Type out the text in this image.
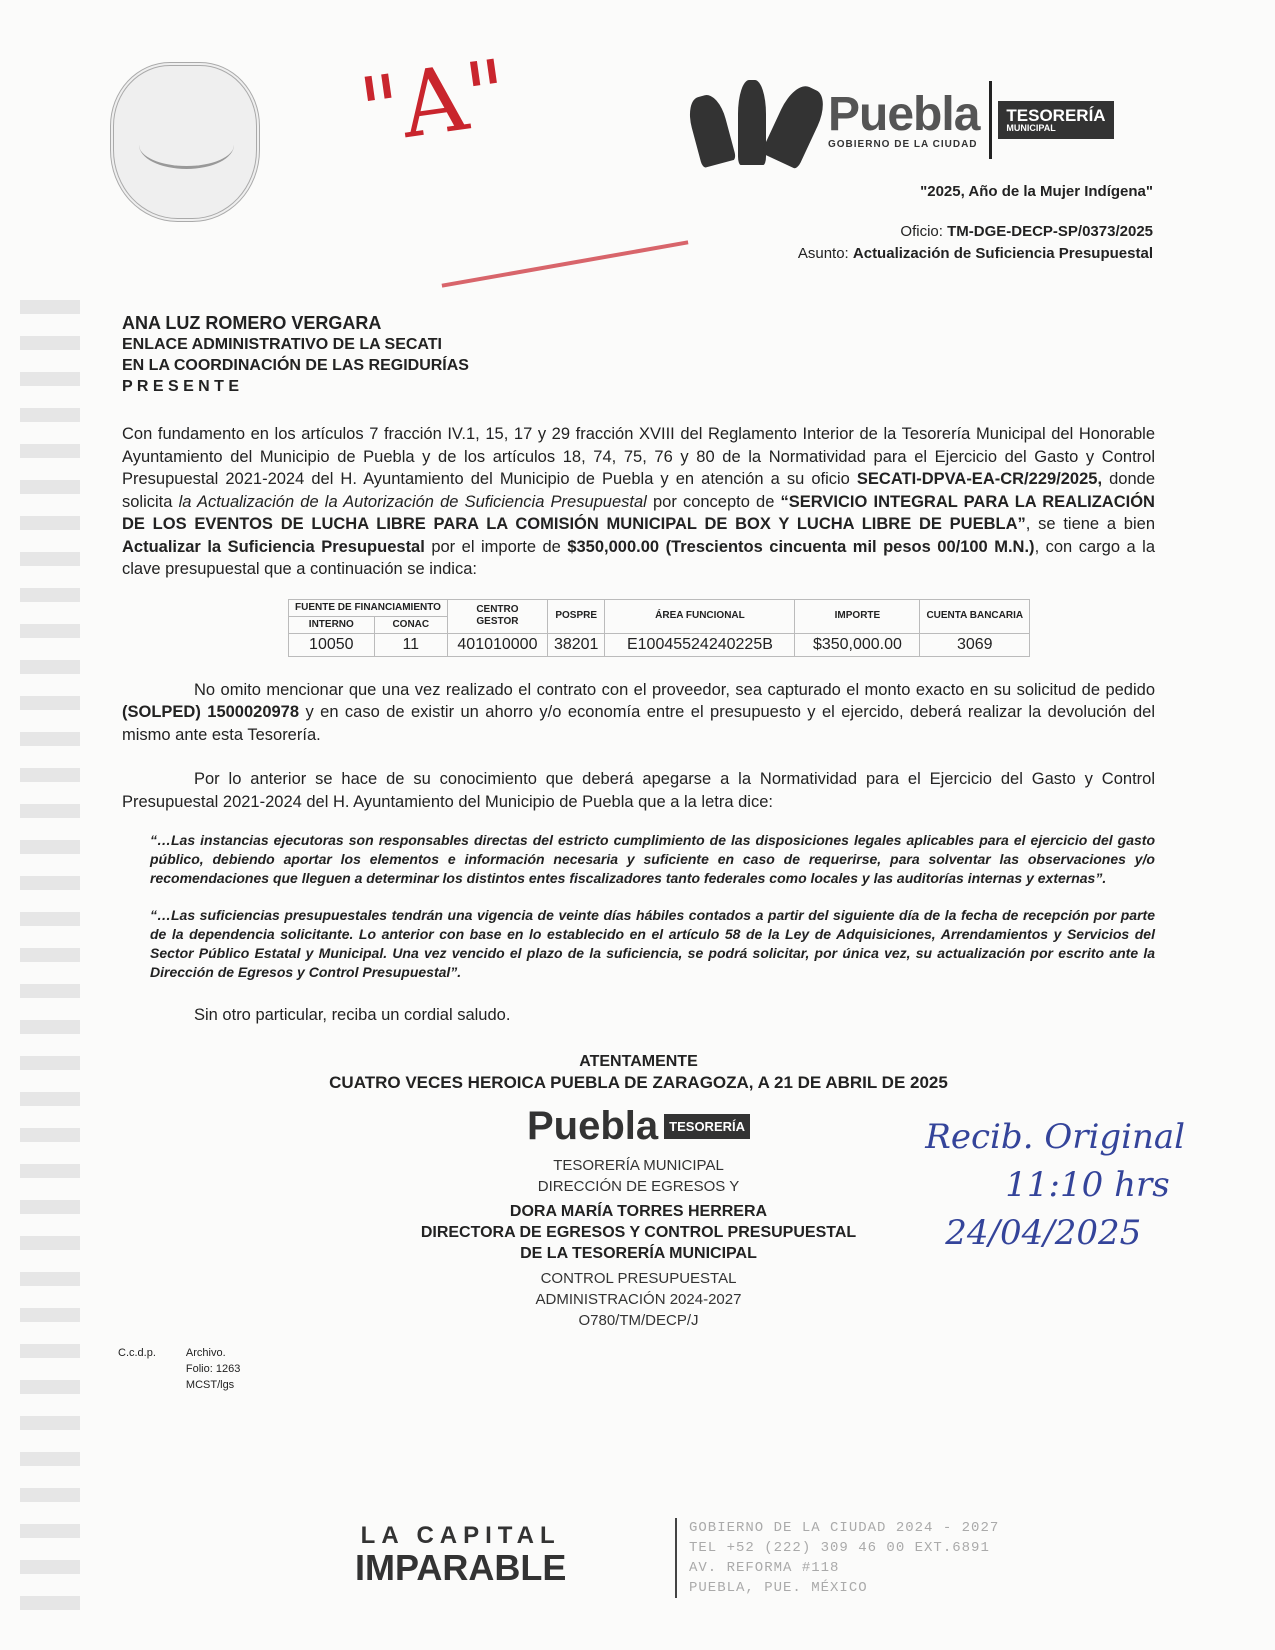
"A"	Puebla
GOBIERNO DE LA CIUDAD
TESORERÍA
MUNICIPAL
"2025, Año de la Mujer Indígena"
Oficio: TM-DGE-DECP-SP/0373/2025
Asunto: Actualización de Suficiencia Presupuestal
ANA LUZ ROMERO VERGARA
ENLACE ADMINISTRATIVO DE LA SECATI
EN LA COORDINACIÓN DE LAS REGIDURÍAS
P R E S E N T E
Con fundamento en los artículos 7 fracción IV.1, 15, 17 y 29 fracción XVIII del Reglamento Interior de la Tesorería Municipal del Honorable Ayuntamiento del Municipio de Puebla y de los artículos 18, 74, 75, 76 y 80 de la Normatividad para el Ejercicio del Gasto y Control Presupuestal 2021-2024 del H. Ayuntamiento del Municipio de Puebla y en atención a su oficio SECATI-DPVA-EA-CR/229/2025, donde solicita la Actualización de la Autorización de Suficiencia Presupuestal por concepto de “SERVICIO INTEGRAL PARA LA REALIZACIÓN DE LOS EVENTOS DE LUCHA LIBRE PARA LA COMISIÓN MUNICIPAL DE BOX Y LUCHA LIBRE DE PUEBLA”, se tiene a bien Actualizar la Suficiencia Presupuestal por el importe de $350,000.00 (Trescientos cincuenta mil pesos 00/100 M.N.), con cargo a la clave presupuestal que a continuación se indica:
FUENTE DE FINANCIAMIENTO		CENTRO GESTOR	POSPRE	ÁREA FUNCIONAL	IMPORTE	CUENTA BANCARIA
INTERNO	CONAC					
10050	11	401010000	38201	E10045524240225B	$350,000.00	3069
No omito mencionar que una vez realizado el contrato con el proveedor, sea capturado el monto exacto en su solicitud de pedido (SOLPED) 1500020978 y en caso de existir un ahorro y/o economía entre el presupuesto y el ejercido, deberá realizar la devolución del mismo ante esta Tesorería.
Por lo anterior se hace de su conocimiento que deberá apegarse a la Normatividad para el Ejercicio del Gasto y Control Presupuestal 2021-2024 del H. Ayuntamiento del Municipio de Puebla que a la letra dice:
“…Las instancias ejecutoras son responsables directas del estricto cumplimiento de las disposiciones legales aplicables para el ejercicio del gasto público, debiendo aportar los elementos e información necesaria y suficiente en caso de requerirse, para solventar las observaciones y/o recomendaciones que lleguen a determinar los distintos entes fiscalizadores tanto federales como locales y las auditorías internas y externas”.
“…Las suficiencias presupuestales tendrán una vigencia de veinte días hábiles contados a partir del siguiente día de la fecha de recepción por parte de la dependencia solicitante. Lo anterior con base en lo establecido en el artículo 58 de la Ley de Adquisiciones, Arrendamientos y Servicios del Sector Público Estatal y Municipal. Una vez vencido el plazo de la suficiencia, se podrá solicitar, por única vez, su actualización por escrito ante la Dirección de Egresos y Control Presupuestal”.
Sin otro particular, reciba un cordial saludo.
ATENTAMENTE
CUATRO VECES HEROICA PUEBLA DE ZARAGOZA, A 21 DE ABRIL DE 2025
Puebla TESORERÍA
TESORERÍA MUNICIPAL
DIRECCIÓN DE EGRESOS Y
DORA MARÍA TORRES HERRERA
DIRECTORA DE EGRESOS Y CONTROL PRESUPUESTAL
DE LA TESORERÍA MUNICIPAL
CONTROL PRESUPUESTAL
ADMINISTRACIÓN 2024-2027
O780/TM/DECP/J
Recib. Original
11:10 hrs
24/04/2025
C.c.d.p.	Archivo.
Folio: 1263
MCST/lgs
LA CAPITAL
IMPARABLE
GOBIERNO DE LA CIUDAD 2024 - 2027
TEL +52 (222) 309 46 00 EXT.6891
AV. REFORMA #118
PUEBLA, PUE. MÉXICO
